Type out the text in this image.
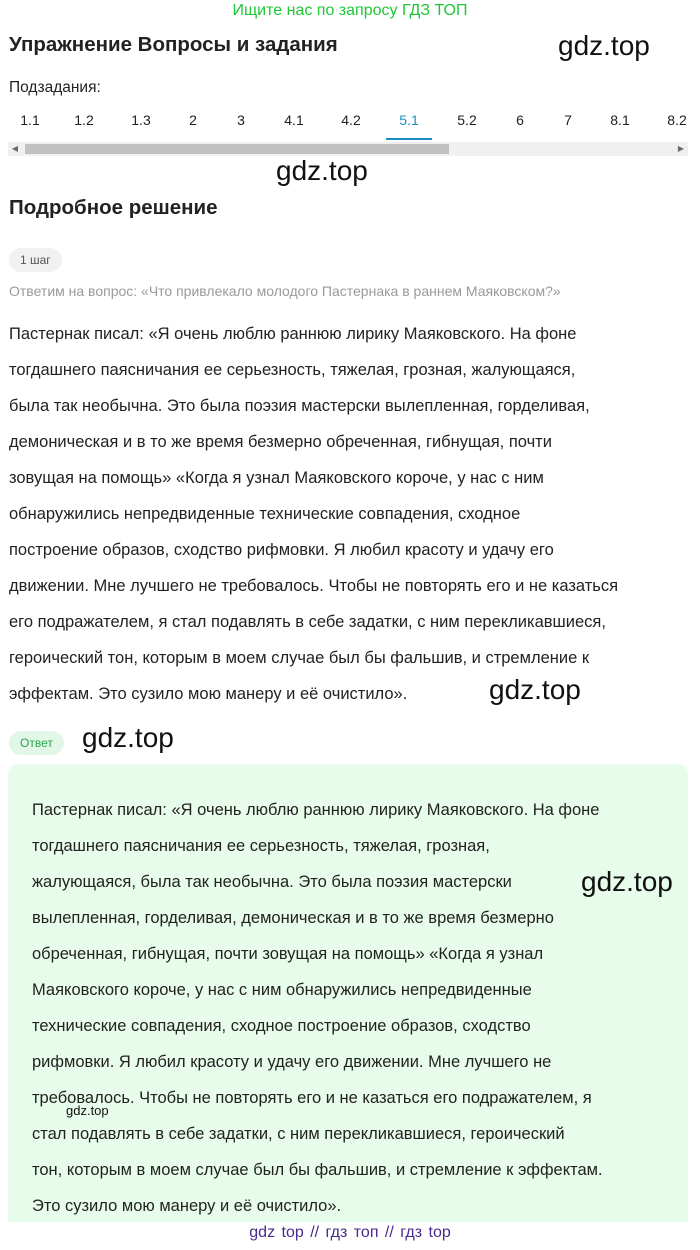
Ищите нас по запросу ГДЗ ТОП
Упражнение Вопросы и задания	gdz.top
Подзадания:
1.1	1.2	1.3	2	3	4.1	4.2	5.1	5.2	6	7	8.1	8.2
◀	▶
gdz.top
Подробное решение
1 шаг
Ответим на вопрос: «Что привлекало молодого Пастернака в раннем Маяковском?»
Пастернак писал: «Я очень люблю раннюю лирику Маяковского. На фоне
тогдашнего паясничания ее серьезность, тяжелая, грозная, жалующаяся,
была так необычна. Это была поэзия мастерски вылепленная, горделивая,
демоническая и в то же время безмерно обреченная, гибнущая, почти
зовущая на помощь» «Когда я узнал Маяковского короче, у нас с ним
обнаружились непредвиденные технические совпадения, сходное
построение образов, сходство рифмовки. Я любил красоту и удачу его
движении. Мне лучшего не требовалось. Чтобы не повторять его и не казаться
его подражателем, я стал подавлять в себе задатки, с ним перекликавшиеся,
героический тон, которым в моем случае был бы фальшив, и стремление к
эффектам. Это сузило мою манеру и её очистило».	gdz.top
Ответ	gdz.top
Пастернак писал: «Я очень люблю раннюю лирику Маяковского. На фоне
тогдашнего паясничания ее серьезность, тяжелая, грозная,
жалующаяся, была так необычна. Это была поэзия мастерски
вылепленная, горделивая, демоническая и в то же время безмерно
обреченная, гибнущая, почти зовущая на помощь» «Когда я узнал
Маяковского короче, у нас с ним обнаружились непредвиденные
технические совпадения, сходное построение образов, сходство
рифмовки. Я любил красоту и удачу его движении. Мне лучшего не
требовалось. Чтобы не повторять его и не казаться его подражателем, я
стал подавлять в себе задатки, с ним перекликавшиеся, героический
тон, которым в моем случае был бы фальшив, и стремление к эффектам.
Это сузило мою манеру и её очистило».
gdz.top
gdz.top
gdz top // гдз топ // гдз top
